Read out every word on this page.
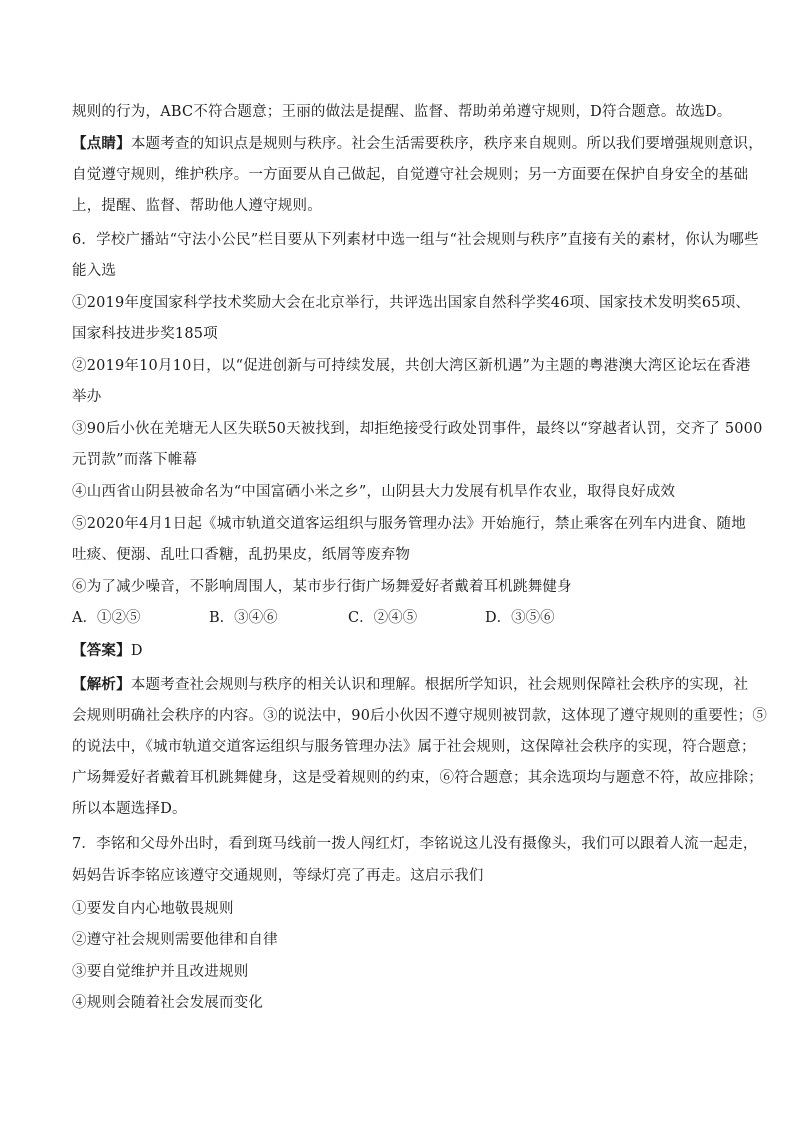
规则的行为，ABC不符合题意；王丽的做法是提醒、监督、帮助弟弟遵守规则，D符合题意。故选D。
【点睛】本题考查的知识点是规则与秩序。社会生活需要秩序，秩序来自规则。所以我们要增强规则意识，
自觉遵守规则，维护秩序。一方面要从自己做起，自觉遵守社会规则；另一方面要在保护自身安全的基础
上，提醒、监督、帮助他人遵守规则。
6．学校广播站“守法小公民”栏目要从下列素材中选一组与“社会规则与秩序”直接有关的素材，你认为哪些
能入选
①2019年度国家科学技术奖励大会在北京举行，共评选出国家自然科学奖46项、国家技术发明奖65项、
国家科技进步奖185项
②2019年10月10日，以“促进创新与可持续发展，共创大湾区新机遇”为主题的粤港澳大湾区论坛在香港
举办
③90后小伙在羌塘无人区失联50天被找到，却拒绝接受行政处罚事件，最终以“穿越者认罚，交齐了 5000
元罚款”而落下帷幕
④山西省山阴县被命名为“中国富硒小米之乡”，山阴县大力发展有机旱作农业，取得良好成效
⑤2020年4月1日起《城市轨道交道客运组织与服务管理办法》开始施行，禁止乘客在列车内进食、随地
吐痰、便溺、乱吐口香糖，乱扔果皮，纸屑等废弃物
⑥为了减少噪音，不影响周围人，某市步行街广场舞爱好者戴着耳机跳舞健身
A．①②⑤	B．③④⑥	C．②④⑤	D．③⑤⑥
【答案】D
【解析】本题考查社会规则与秩序的相关认识和理解。根据所学知识，社会规则保障社会秩序的实现，社
会规则明确社会秩序的内容。③的说法中，90后小伙因不遵守规则被罚款，这体现了遵守规则的重要性；⑤
的说法中，《城市轨道交道客运组织与服务管理办法》属于社会规则，这保障社会秩序的实现，符合题意；
广场舞爱好者戴着耳机跳舞健身，这是受着规则的约束，⑥符合题意；其余选项均与题意不符，故应排除；
所以本题选择D。
7．李铭和父母外出时，看到斑马线前一拨人闯红灯，李铭说这儿没有摄像头，我们可以跟着人流一起走，
妈妈告诉李铭应该遵守交通规则，等绿灯亮了再走。这启示我们
①要发自内心地敬畏规则
②遵守社会规则需要他律和自律
③要自觉维护并且改进规则
④规则会随着社会发展而变化
